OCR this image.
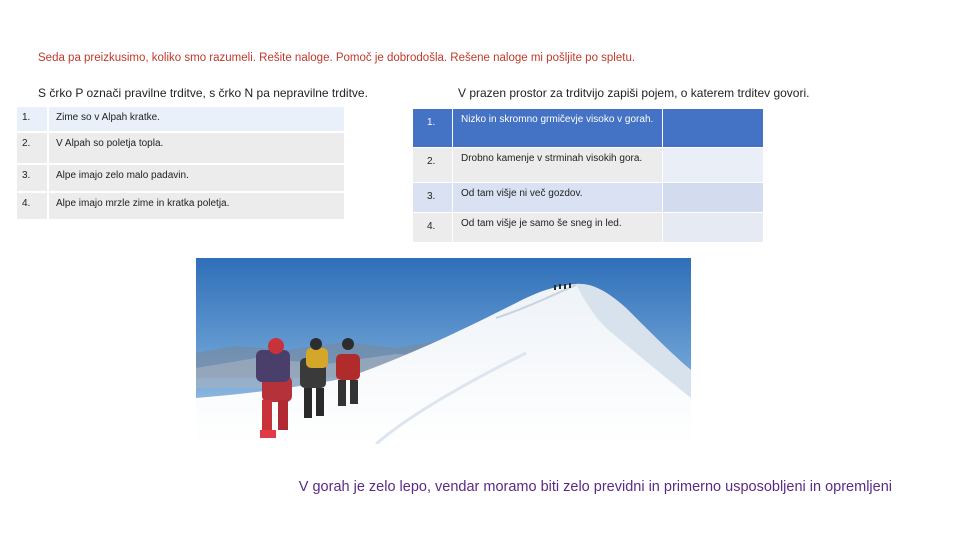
Seda pa preizkusimo, koliko smo razumeli. Rešite naloge. Pomoč je dobrodošla. Rešene naloge mi pošljite po spletu.
S črko P označi pravilne trditve, s črko N pa nepravilne trditve.	V prazen prostor za trditvijo zapiši pojem, o katerem trditev govori.
1.	Zime so v Alpah kratke.
2.	V Alpah so poletja topla.
3.	Alpe imajo zelo malo padavin.
4.	Alpe imajo mrzle zime in kratka poletja.
1.	Nizko in skromno grmičevje visoko v gorah.	
2.	Drobno kamenje v strminah visokih gora.	
3.	Od tam višje ni več gozdov.	
4.	Od tam višje je samo še sneg in led.	
V gorah je zelo lepo, vendar moramo biti zelo previdni in primerno usposobljeni in opremljeni
